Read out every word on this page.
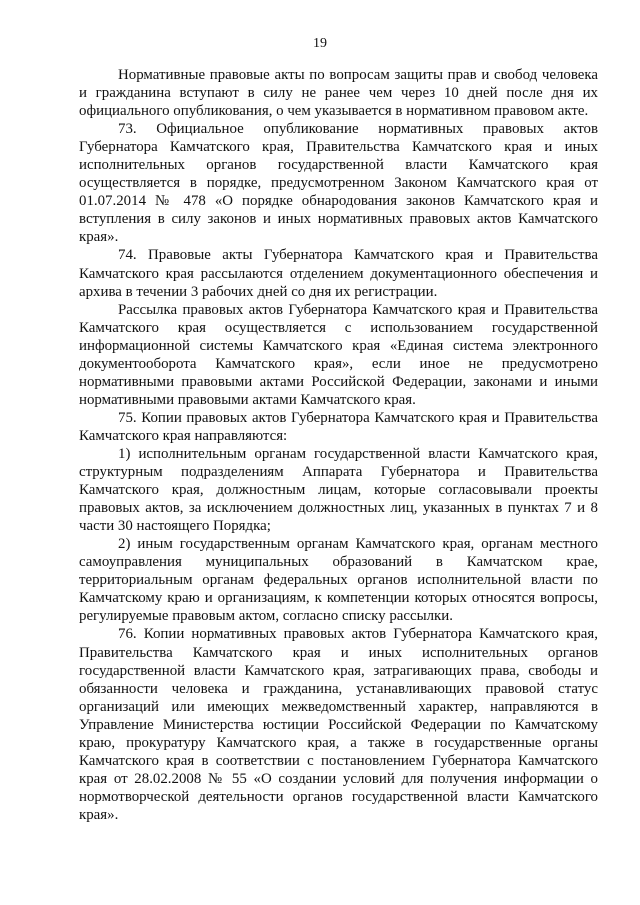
19

Нормативные правовые акты по вопросам защиты прав и свобод человека и гражданина вступают в силу не ранее чем через 10 дней после дня их официального опубликования, о чем указывается в нормативном правовом акте.

73. Официальное опубликование нормативных правовых актов Губернатора Камчатского края, Правительства Камчатского края и иных исполнительных органов государственной власти Камчатского края осуществляется в порядке, предусмотренном Законом Камчатского края от 01.07.2014 № 478 «О порядке обнародования законов Камчатского края и вступления в силу законов и иных нормативных правовых актов Камчатского края».

74. Правовые акты Губернатора Камчатского края и Правительства Камчатского края рассылаются отделением документационного обеспечения и архива в течении 3 рабочих дней со дня их регистрации.

Рассылка правовых актов Губернатора Камчатского края и Правительства Камчатского края осуществляется с использованием государственной информационной системы Камчатского края «Единая система электронного документооборота Камчатского края», если иное не предусмотрено нормативными правовыми актами Российской Федерации, законами и иными нормативными правовыми актами Камчатского края.

75. Копии правовых актов Губернатора Камчатского края и Правительства Камчатского края направляются:

1) исполнительным органам государственной власти Камчатского края, структурным подразделениям Аппарата Губернатора и Правительства Камчатского края, должностным лицам, которые согласовывали проекты правовых актов, за исключением должностных лиц, указанных в пунктах 7 и 8 части 30 настоящего Порядка;

2) иным государственным органам Камчатского края, органам местного самоуправления муниципальных образований в Камчатском крае, территориальным органам федеральных органов исполнительной власти по Камчатскому краю и организациям, к компетенции которых относятся вопросы, регулируемые правовым актом, согласно списку рассылки.

76. Копии нормативных правовых актов Губернатора Камчатского края, Правительства Камчатского края и иных исполнительных органов государственной власти Камчатского края, затрагивающих права, свободы и обязанности человека и гражданина, устанавливающих правовой статус организаций или имеющих межведомственный характер, направляются в Управление Министерства юстиции Российской Федерации по Камчатскому краю, прокуратуру Камчатского края, а также в государственные органы Камчатского края в соответствии с постановлением Губернатора Камчатского края от 28.02.2008 № 55 «О создании условий для получения информации о нормотворческой деятельности органов государственной власти Камчатского края».
